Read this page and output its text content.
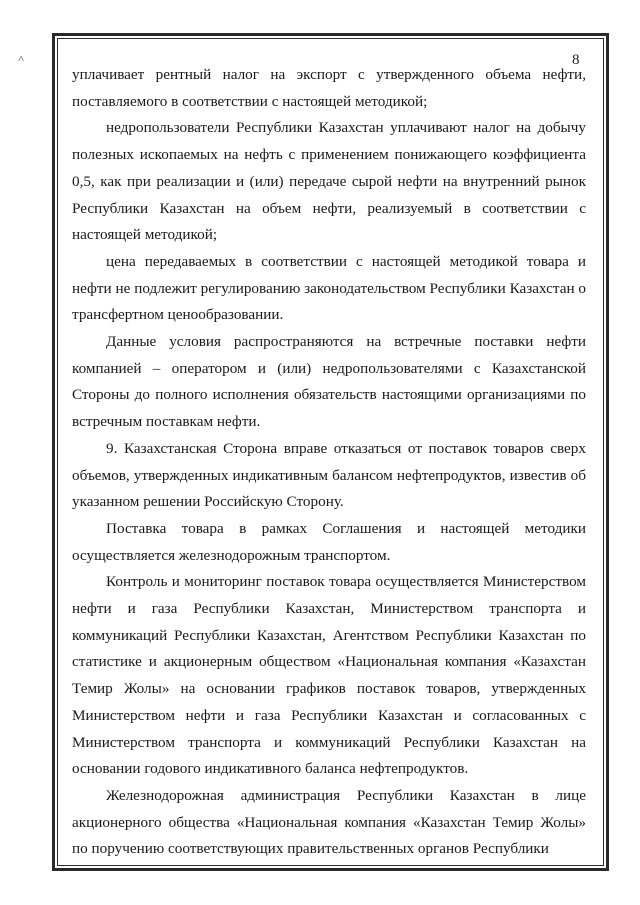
˄	8

уплачивает рентный налог на экспорт с утвержденного объема нефти, поставляемого в соответствии с настоящей методикой;

недропользователи Республики Казахстан уплачивают налог на добычу полезных ископаемых на нефть с применением понижающего коэффициента 0,5, как при реализации и (или) передаче сырой нефти на внутренний рынок Республики Казахстан на объем нефти, реализуемый в соответствии с настоящей методикой;

цена передаваемых в соответствии с настоящей методикой товара и нефти не подлежит регулированию законодательством Республики Казахстан о трансфертном ценообразовании.

Данные условия распространяются на встречные поставки нефти компанией – оператором и (или) недропользователями с Казахстанской Стороны до полного исполнения обязательств настоящими организациями по встречным поставкам нефти.

9. Казахстанская Сторона вправе отказаться от поставок товаров сверх объемов, утвержденных индикативным балансом нефтепродуктов, известив об указанном решении Российскую Сторону.

Поставка товара в рамках Соглашения и настоящей методики осуществляется железнодорожным транспортом.

Контроль и мониторинг поставок товара осуществляется Министерством нефти и газа Республики Казахстан, Министерством транспорта и коммуникаций Республики Казахстан, Агентством Республики Казахстан по статистике и акционерным обществом «Национальная компания «Казахстан Темир Жолы» на основании графиков поставок товаров, утвержденных Министерством нефти и газа Республики Казахстан и согласованных с Министерством транспорта и коммуникаций Республики Казахстан на основании годового индикативного баланса нефтепродуктов.

Железнодорожная администрация Республики Казахстан в лице акционерного общества «Национальная компания «Казахстан Темир Жолы» по поручению соответствующих правительственных органов Республики
